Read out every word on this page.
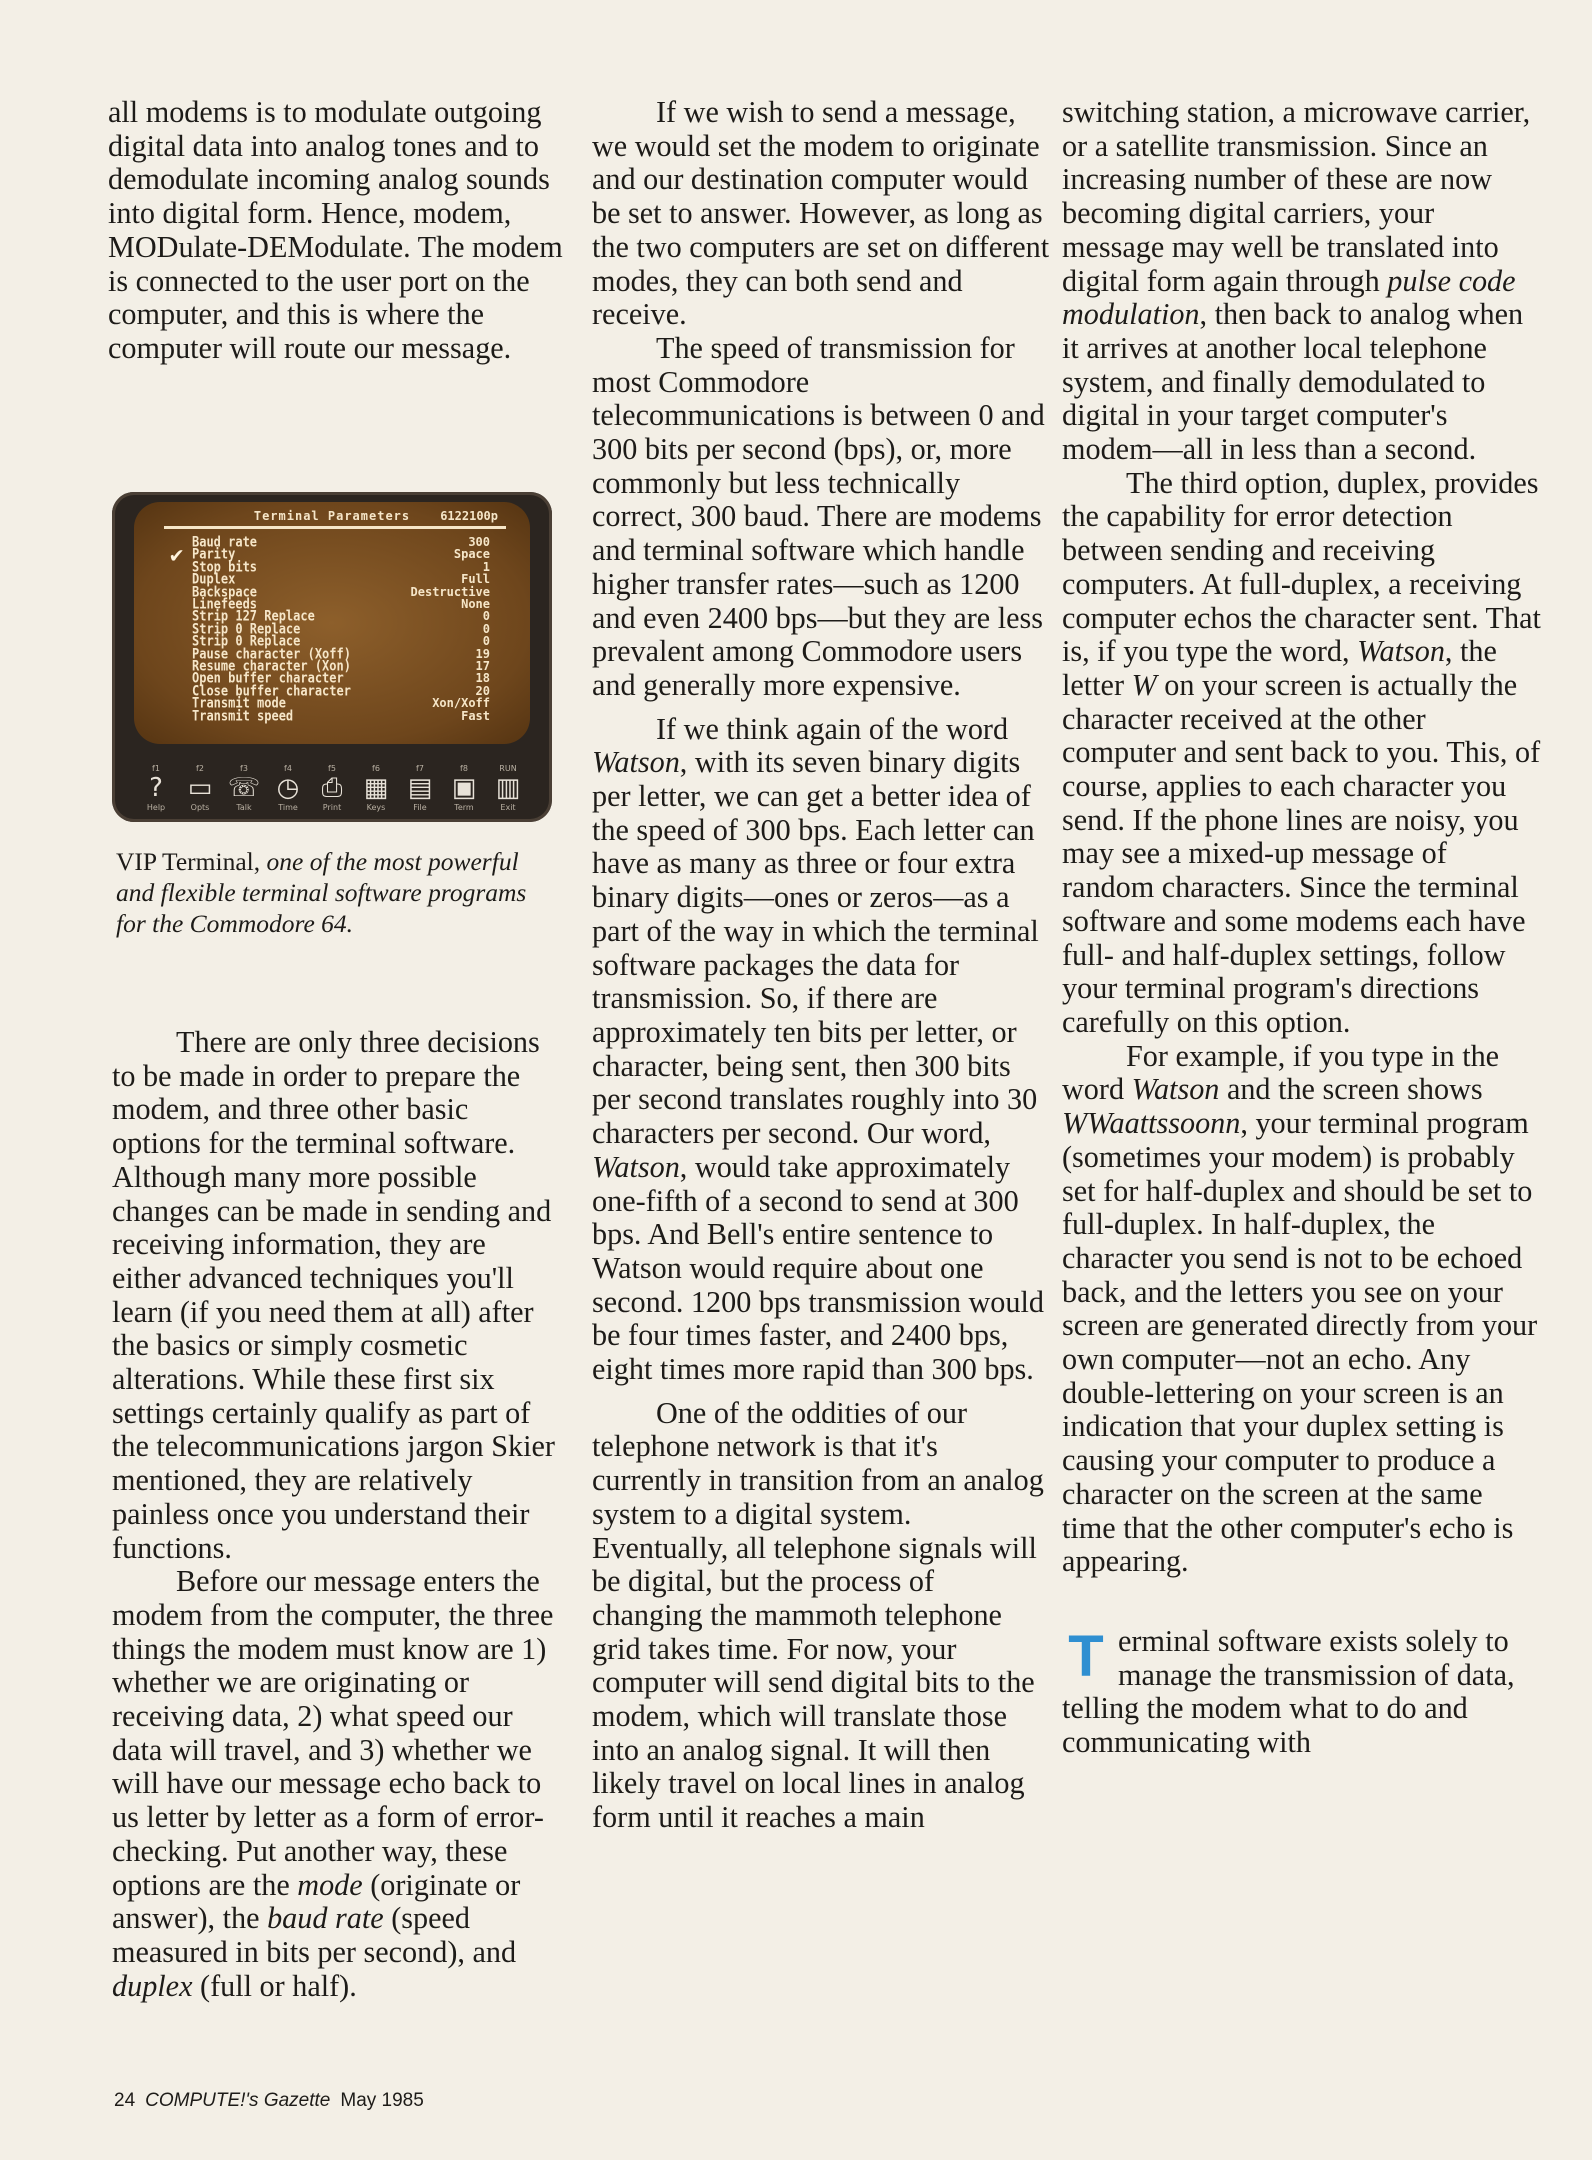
all modems is to modulate outgoing digital data into analog tones and to demodulate incoming analog sounds into digital form. Hence, modem, MODulate-DEModulate. The modem is connected to the user port on the computer, and this is where the computer will route our message.

Terminal Parameters	6122100p
✔
Baud rate	300
Parity	Space
Stop bits	1
Duplex	Full
Backspace	Destructive
Linefeeds	None
Strip 127 Replace	0
Strip 0 Replace	0
Strip 0 Replace	0
Pause character (Xoff)	19
Resume character (Xon)	17
Open buffer character	18
Close buffer character	20
Transmit mode	Xon/Xoff
Transmit speed	Fast
f1
?
Help
f2
▭
Opts
f3
☏
Talk
f4
◷
Time
f5
⎙
Print
f6
▦
Keys
f7
▤
File
f8
▣
Term
RUN
▥
Exit
VIP Terminal, one of the most powerful and flexible terminal software programs for the Commodore 64.

There are only three decisions to be made in order to prepare the modem, and three other basic options for the terminal software. Although many more possible changes can be made in sending and receiving information, they are either advanced techniques you'll learn (if you need them at all) after the basics or simply cosmetic alterations. While these first six settings certainly qualify as part of the telecommunications jargon Skier mentioned, they are relatively painless once you understand their functions.

Before our message enters the modem from the computer, the three things the modem must know are 1) whether we are originating or receiving data, 2) what speed our data will travel, and 3) whether we will have our message echo back to us letter by letter as a form of error-checking. Put another way, these options are the mode (originate or answer), the baud rate (speed measured in bits per second), and duplex (full or half).

If we wish to send a message, we would set the modem to originate and our destination computer would be set to answer. However, as long as the two computers are set on different modes, they can both send and receive.

The speed of transmission for most Commodore telecommunications is between 0 and 300 bits per second (bps), or, more commonly but less technically correct, 300 baud. There are modems and terminal software which handle higher transfer rates—such as 1200 and even 2400 bps—but they are less prevalent among Commodore users and generally more expensive.

If we think again of the word Watson, with its seven binary digits per letter, we can get a better idea of the speed of 300 bps. Each letter can have as many as three or four extra binary digits—ones or zeros—as a part of the way in which the terminal software packages the data for transmission. So, if there are approximately ten bits per letter, or character, being sent, then 300 bits per second translates roughly into 30 characters per second. Our word, Watson, would take approximately one-fifth of a second to send at 300 bps. And Bell's entire sentence to Watson would require about one second. 1200 bps transmission would be four times faster, and 2400 bps, eight times more rapid than 300 bps.

One of the oddities of our telephone network is that it's currently in transition from an analog system to a digital system. Eventually, all telephone signals will be digital, but the process of changing the mammoth telephone grid takes time. For now, your computer will send digital bits to the modem, which will translate those into an analog signal. It will then likely travel on local lines in analog form until it reaches a main

switching station, a microwave carrier, or a satellite transmission. Since an increasing number of these are now becoming digital carriers, your message may well be translated into digital form again through pulse code modulation, then back to analog when it arrives at another local telephone system, and finally demodulated to digital in your target computer's modem—all in less than a second.

The third option, duplex, provides the capability for error detection between sending and receiving computers. At full-duplex, a receiving computer echos the character sent. That is, if you type the word, Watson, the letter W on your screen is actually the character received at the other computer and sent back to you. This, of course, applies to each character you send. If the phone lines are noisy, you may see a mixed-up message of random characters. Since the terminal software and some modems each have full- and half-duplex settings, follow your terminal program's directions carefully on this option.

For example, if you type in the word Watson and the screen shows WWaattssoonn, your terminal program (sometimes your modem) is probably set for half-duplex and should be set to full-duplex. In half-duplex, the character you send is not to be echoed back, and the letters you see on your screen are generated directly from your own computer—not an echo. Any double-lettering on your screen is an indication that your duplex setting is causing your computer to produce a character on the screen at the same time that the other computer's echo is appearing.

Terminal software exists solely to manage the transmission of data, telling the modem what to do and communicating with

24 COMPUTE!'s Gazette May 1985
